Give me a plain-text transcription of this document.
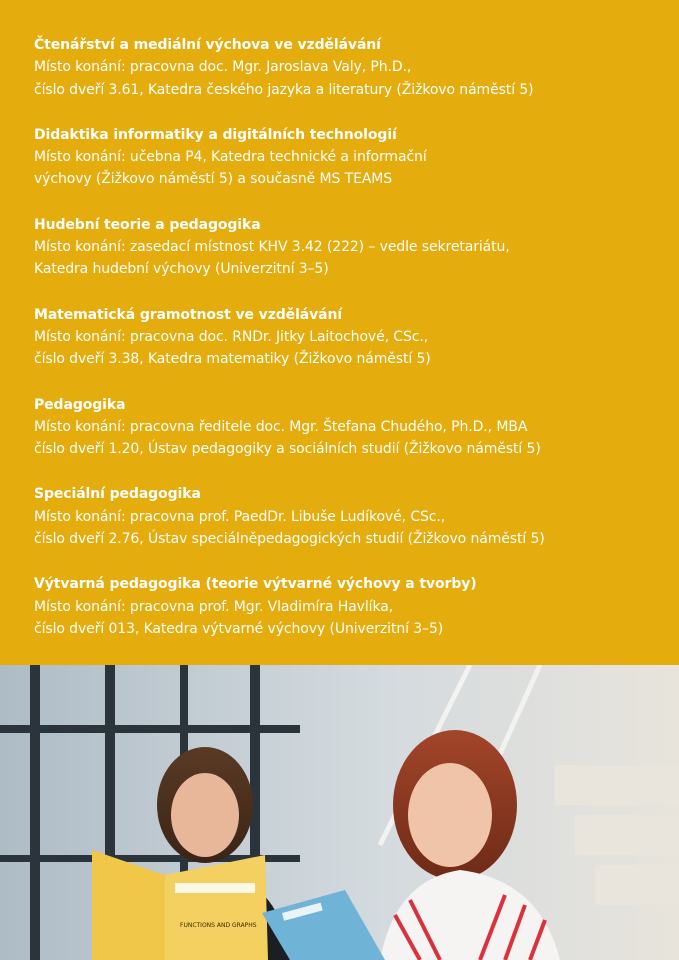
Čtenářství a mediální výchova ve vzdělávání

Místo konání: pracovna doc. Mgr. Jaroslava Valy, Ph.D.,

číslo dveří 3.61, Katedra českého jazyka a literatury (Žižkovo náměstí 5)

Didaktika informatiky a digitálních technologií

Místo konání: učebna P4, Katedra technické a informační

výchovy (Žižkovo náměstí 5) a současně MS TEAMS

Hudební teorie a pedagogika

Místo konání: zasedací místnost KHV 3.42 (222) – vedle sekretariátu,

Katedra hudební výchovy (Univerzitní 3–5)

Matematická gramotnost ve vzdělávání

Místo konání: pracovna doc. RNDr. Jitky Laitochové, CSc.,

číslo dveří 3.38, Katedra matematiky (Žižkovo náměstí 5)

Pedagogika

Místo konání: pracovna ředitele doc. Mgr. Štefana Chudého, Ph.D., MBA

číslo dveří 1.20, Ústav pedagogiky a sociálních studií (Žižkovo náměstí 5)

Speciální pedagogika

Místo konání: pracovna prof. PaedDr. Libuše Ludíkové, CSc.,

číslo dveří 2.76, Ústav speciálněpedagogických studií (Žižkovo náměstí 5)

Výtvarná pedagogika (teorie výtvarné výchovy a tvorby)

Místo konání: pracovna prof. Mgr. Vladimíra Havlíka,

číslo dveří 013, Katedra výtvarné výchovy (Univerzitní 3–5)

FUNCTIONS AND GRAPHS
